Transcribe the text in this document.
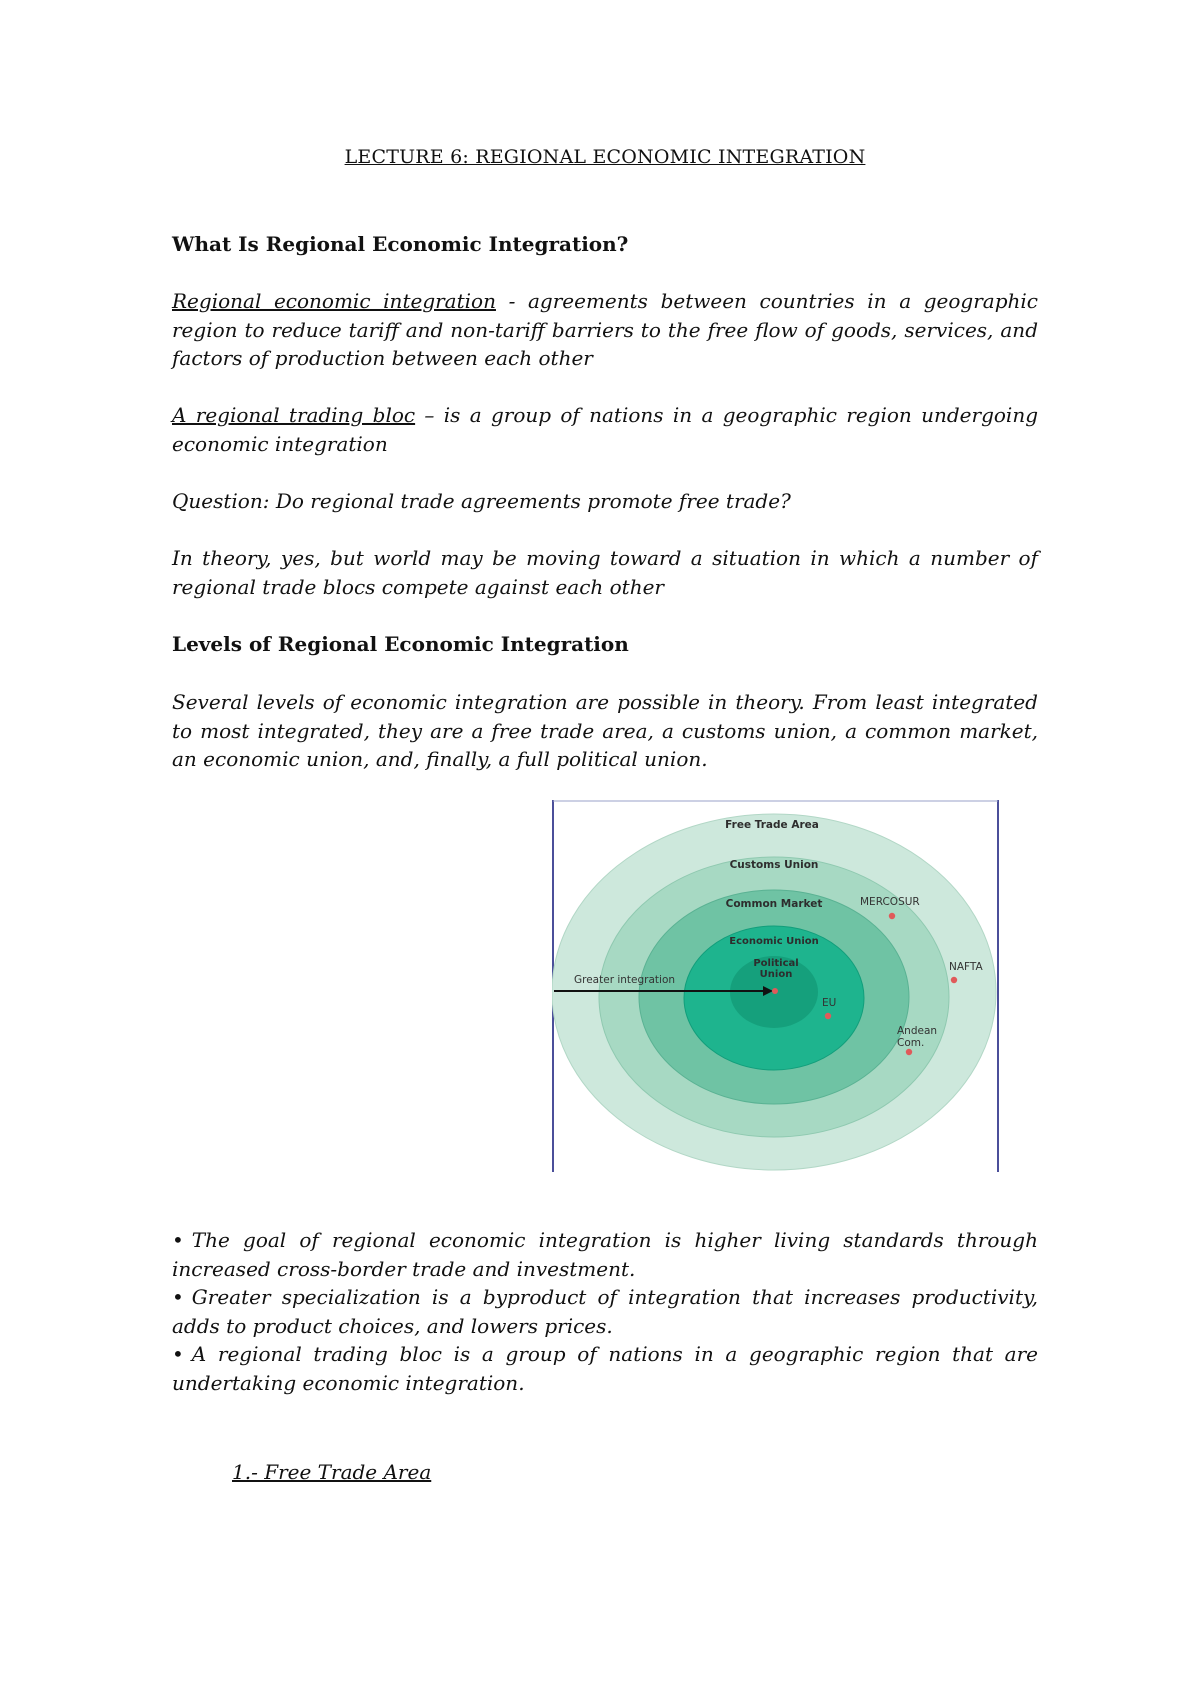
LECTURE 6: REGIONAL ECONOMIC INTEGRATION
What Is Regional Economic Integration?

Regional economic integration - agreements between countries in a geographic region to reduce tariff and non-tariff barriers to the free flow of goods, services, and factors of production between each other

A regional trading bloc – is a group of nations in a geographic region undergoing economic integration

Question: Do regional trade agreements promote free trade?

In theory, yes, but world may be moving toward a situation in which a number of regional trade blocs compete against each other

Levels of Regional Economic Integration

Several levels of economic integration are possible in theory. From least integrated to most integrated, they are a free trade area, a customs union, a common market, an economic union, and, finally, a full political union.

Free Trade Area
Customs Union
Common Market
Economic Union
Political
Union
Greater integration
MERCOSUR
NAFTA
EU
Andean
Com.
• The goal of regional economic integration is higher living standards through increased cross-border trade and investment.
• Greater specialization is a byproduct of integration that increases productivity, adds to product choices, and lowers prices.
• A regional trading bloc is a group of nations in a geographic region that are undertaking economic integration.
1.- Free Trade Area
